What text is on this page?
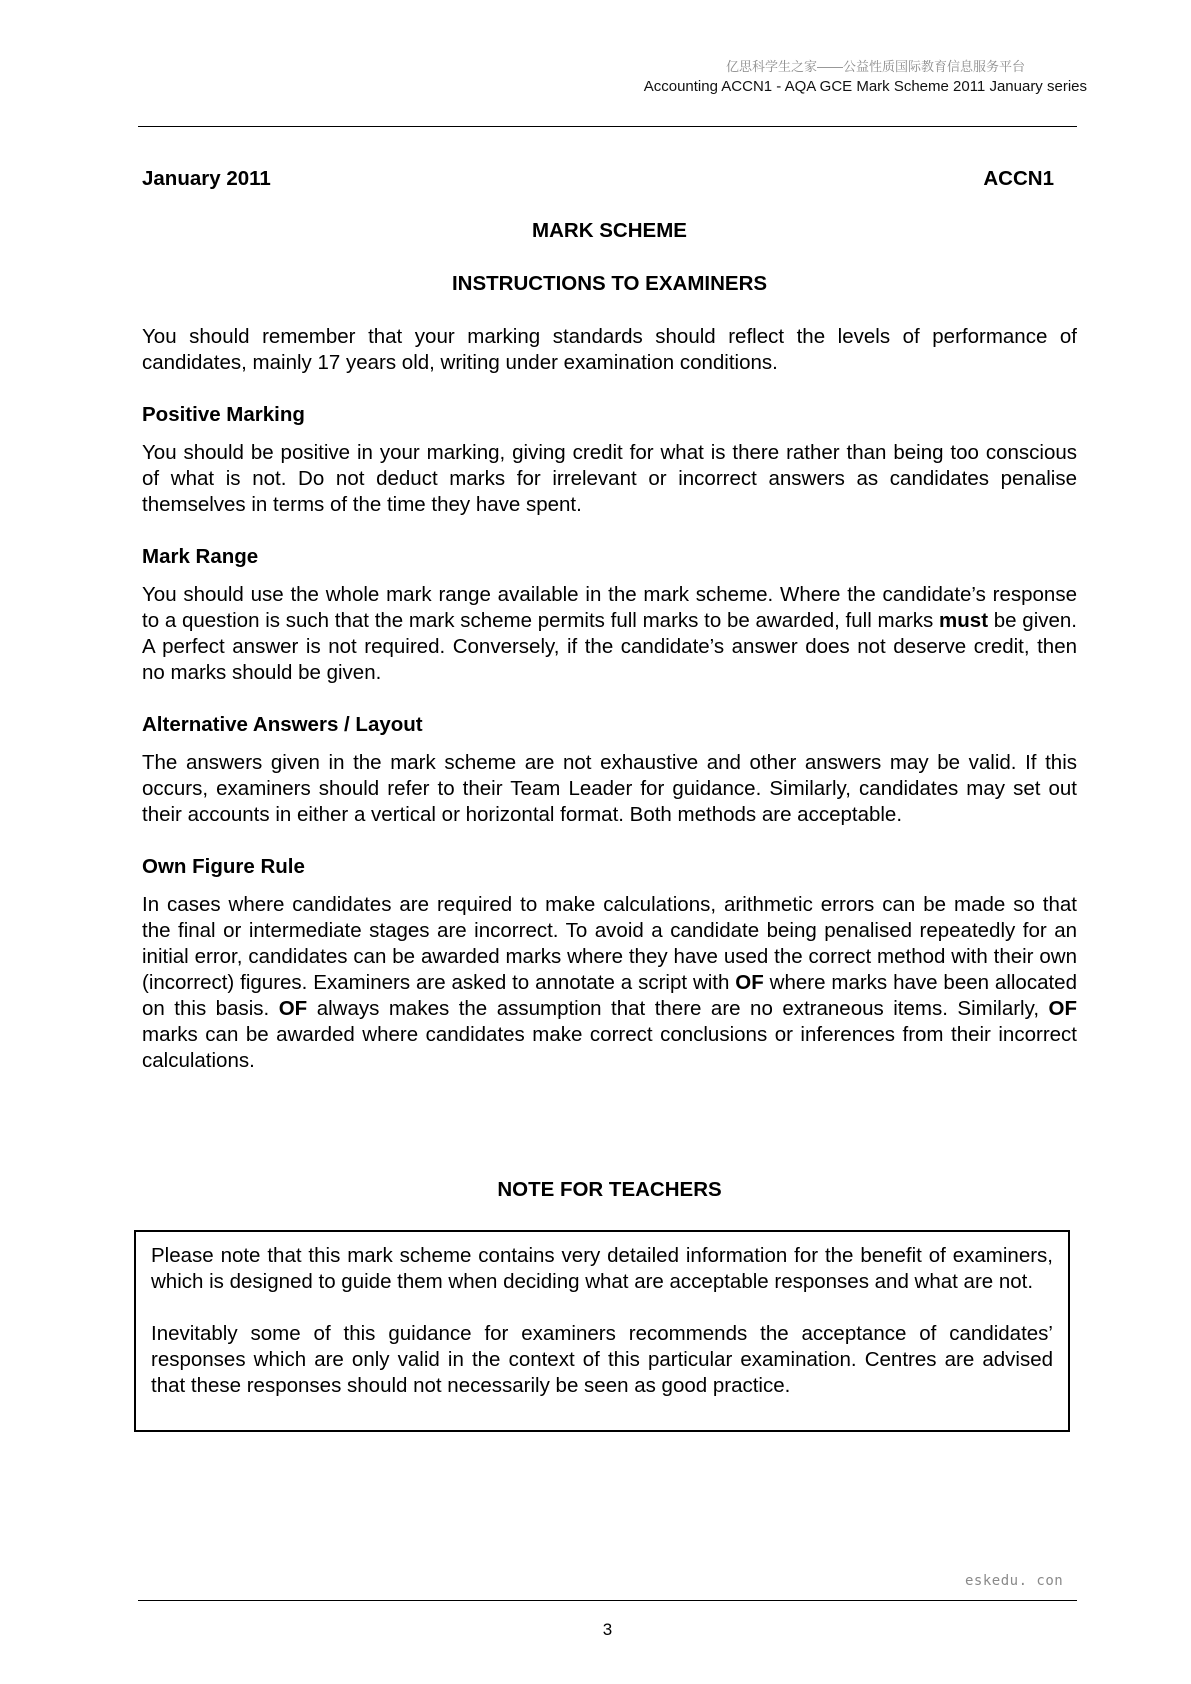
亿思科学生之家——公益性质国际教育信息服务平台
Accounting ACCN1 - AQA GCE Mark Scheme 2011 January series
January 2011	ACCN1
MARK SCHEME
INSTRUCTIONS TO EXAMINERS

You should remember that your marking standards should reflect the levels of performance of candidates, mainly 17 years old, writing under examination conditions.

Positive Marking

You should be positive in your marking, giving credit for what is there rather than being too conscious of what is not. Do not deduct marks for irrelevant or incorrect answers as candidates penalise themselves in terms of the time they have spent.

Mark Range

You should use the whole mark range available in the mark scheme. Where the candidate’s response to a question is such that the mark scheme permits full marks to be awarded, full marks must be given. A perfect answer is not required. Conversely, if the candidate’s answer does not deserve credit, then no marks should be given.

Alternative Answers / Layout

The answers given in the mark scheme are not exhaustive and other answers may be valid. If this occurs, examiners should refer to their Team Leader for guidance. Similarly, candidates may set out their accounts in either a vertical or horizontal format. Both methods are acceptable.

Own Figure Rule

In cases where candidates are required to make calculations, arithmetic errors can be made so that the final or intermediate stages are incorrect. To avoid a candidate being penalised repeatedly for an initial error, candidates can be awarded marks where they have used the correct method with their own (incorrect) figures. Examiners are asked to annotate a script with OF where marks have been allocated on this basis. OF always makes the assumption that there are no extraneous items. Similarly, OF marks can be awarded where candidates make correct conclusions or inferences from their incorrect calculations.

NOTE FOR TEACHERS

Please note that this mark scheme contains very detailed information for the benefit of examiners, which is designed to guide them when deciding what are acceptable responses and what are not.

Inevitably some of this guidance for examiners recommends the acceptance of candidates’ responses which are only valid in the context of this particular examination. Centres are advised that these responses should not necessarily be seen as good practice.

eskedu. con
3
